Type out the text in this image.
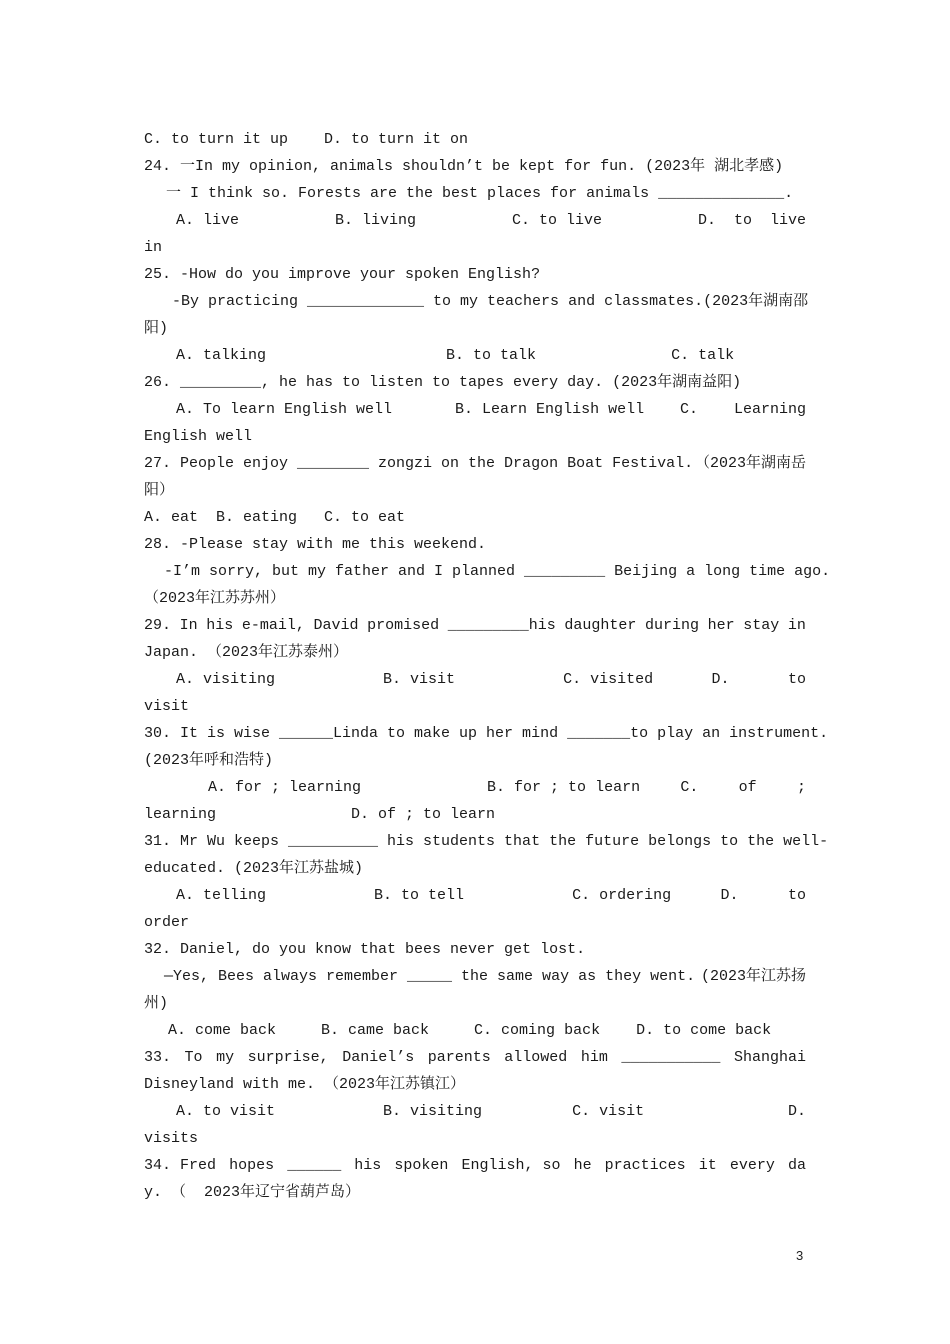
C. to turn it up    D. to turn it on
24. 一In my opinion, animals shouldn’t be kept for fun. (2023年 湖北孝感)
一 I think so. Forests are the best places for animals ______________.
A. live	B. living	C. to live	D.  to  live
in
25. -How do you improve your spoken English?
-By practicing _____________ to my teachers and classmates. (2023年湖南邵
阳)
A. talking                    B. to talk               C. talk
26. _________, he has to listen to tapes every day. (2023年湖南益阳)
A. To learn English well       B. Learn English well C. Learning
English well
27. People enjoy ________ zongzi on the Dragon Boat Festival. （2023年湖南岳
阳）
A. eat  B. eating   C. to eat
28. -Please stay with me this weekend.
-I’m sorry, but my father and I planned _________ Beijing a long time ago.
（2023年江苏苏州）
29. In his e-mail, David promised _________his daughter during her stay in
Japan. （2023年江苏泰州）
A. visiting            B. visit            C. visited	D.	to
visit
30. It is wise ______Linda to make up her mind _______to play an instrument.
(2023年呼和浩特)
A. for ; learning              B. for ; to learn	C.	of	;
learning               D. of ; to learn
31. Mr Wu keeps __________ his students that the future belongs to the well-
educated. (2023年江苏盐城)
A. telling            B. to tell            C. ordering	D.	to
order
32. Daniel, do you know that bees never get lost.
—Yes, Bees always remember _____ the same way as they went. (2023年江苏扬
州)
A. come back     B. came back     C. coming back    D. to come back
33. To my surprise, Daniel’s parents allowed him ___________ Shanghai
Disneyland with me. （2023年江苏镇江）
A. to visit            B. visiting          C. visit	D.
visits
34. Fred hopes ______ his spoken English, so he practices it every da
y. （  2023年辽宁省葫芦岛）
3
